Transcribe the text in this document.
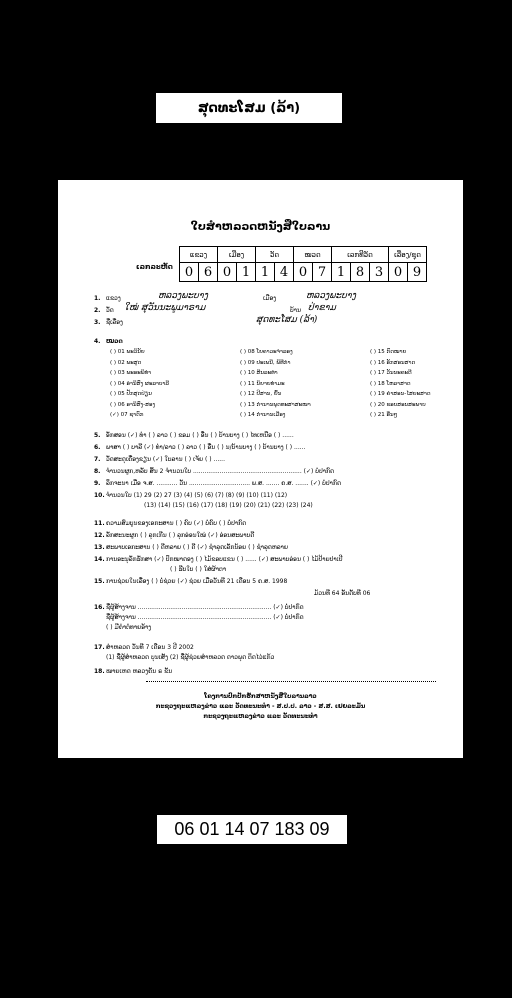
ສຸດທະໂສມ (ລ້າ)
ໃບສຳຫລວດຫນັງສືໃບລານ
ເລກລະຫັດ
ແຂວງ		ເມືອງ		ວັດ		ໝວດ		ເລກທີວັດ			ເລື່ອງ/ຊຸດ	
0	6	0	1	1	4	0	7	1	8	3	0	9
1. ແຂວງ	ຫລວງພະບາງ	ເມືອງ	ຫລວງພະບາງ
2. ວັດ ໃໝ່ ສຸວັນນະພູມາຣາມ	ບ້ານ ປ່າຂາມ
3. ຊື່ເລື່ອງ	ສຸດທະໂສມ (ລ້າ)
4. ໝວດ
( ) 01 ພະວິນັຍ	( ) 08 ໂຍຄາວະຈຳລອງ	( ) 15 ກົດໝາຍ
( ) 02 ພະສູດ	( ) 09 ປະເພນີ, ພິທີກຳ	( ) 16 ອັກສອນສາດ
( ) 03 ພະອະພິທຳ	( ) 10 ສິນລະທຳ	( ) 17 ວັນນະຄະດີ
( ) 04 ອໍານິສົງ ຜະລາບາລີ	( ) 11 ນິຍາຍທຳມະ	( ) 18 ໂຫລາສາດ
( ) 05 ປັກສຸດປ່ຽນ	( ) 12 ປີສານ, ຍົ້ນ	( ) 19 ຄຳສອນ-ໄສຍະສາດ
( ) 06 ອານິສົງ-ສອງ	( ) 13 ກຳນານພຸດທະສາສະໜາ	( ) 20 ຂອບສອນສະພາບ
(✓) 07 ຊາດົກ	( ) 14 ກຳນານເມືອງ	( ) 21 ອື່ນໆ
5. ອັກສອນ (✓) ທຳ ( ) ລາວ ( ) ຂອມ ( ) ອື່ນ ( ) ບ້ານບາງ ( ) ໄທເຫນືອ ( ) ......
6. ພາສາ ( ) ບາລີ (✓) ທຳ/ລາວ ( ) ລາວ ( ) ອື່ນ ( ) ນ/ບ້ານບາງ ( ) ບ້ານບາງ ( ) ......
7. ວັດສະດຸເຄື່ອງຂຽນ (✓) ໃບລານ ( ) ເຈ້ຍ ( ) ......
8. ຈຳນວນຜູກ,ຫລັບ ສິ້ນ 2 ຈຳນວນໃບ ......................................................... (✓) ບໍ່ປາກົດ
9. ລຶກຈະນາ ເມື່ອ ຈ.ສ. ........... ວັນ ................................ ພ.ສ. ....... ຄ.ສ. ....... (✓) ບໍ່ປາກົດ
10. ຈຳນວນໃບ (1) 29 (2) 27 (3) (4) (5) (6) (7) (8) (9) (10) (11) (12)
(13) (14) (15) (16) (17) (18) (19) (20) (21) (22) (23) (24)
11. ຄວາມສົມບູນຂອງເອກະສານ ( ) ຄົບ (✓) ບໍ່ຄົບ ( ) ບໍ່ປາກົດ
12. ລັກສະນະຜູກ ( ) ລຸກເກີນ ( ) ລຸກອ່ອນໃໝ່ (✓) ອ່ອນສະພາບດີ
13. ສະພາບເອກະສານ ( ) ດີຫລາຍ ( ) ດີ (✓) ຊຳລຸດເລັກນ້ອຍ ( ) ຊຳລຸດຫລາຍ
14. ການອະນຸລັກຮັກສາ (✓) ປົກໝາດອງ ( ) ໄມ້ຂອບແຂນ ( ) ...... (✓) ສະພາບອ່ອນ ( ) ໄມ້ປ້າຍປາເປີ
( ) ຮີບໃບ ( ) ໃສ່ຜ້າຕາ
15. ການຊ່ວຍໃນເລື່ອງ ( ) ບໍ່ຊ່ວຍ (✓) ຊ່ວຍ ເມື່ອວັນທີ 21 ເດືອນ 5 ຄ.ສ. 1998
ມ້ວນທີ 64 ອັນດັບທີ 06
16. ຊື່ຜູ້ສ້າງຈານ ...................................................................... (✓) ບໍ່ປາກົດ
ຊື່ຜູ້ສ້າງຈານ ...................................................................... (✓) ບໍ່ປາກົດ
( ) ມີຄຳຕໍ່ທາຍອ້າງ
17. ສຳຫລວດ ວັນທີ 7 ເດືອນ 3 ປີ 2002
(1) ຊື່ຜູ້ສຳຫລວດ ບຸນເສັງ (2) ຊື່ຜູ້ຊ່ວຍສຳຫລວດ ດາວພຸດ ຕິດໄວ່ແກ້ວ
18. ໝາຍເຫດ ຫລວງຄັນ ຣ ຂັນ
ໂຄງການປົກປັກຮັກສາຫນັງສືໃບລານລາວ
ກະຊວງຖະແຫລງຂ່າວ ແລະ ວັດທະນະທຳ - ສ.ປ.ປ. ລາວ - ສ.ສ. ເຢຍລະມັນ
ກະຊວງຖະແຫລງຂ່າວ ແລະ ວັດທະນະທຳ
06 01 14 07 183 09
